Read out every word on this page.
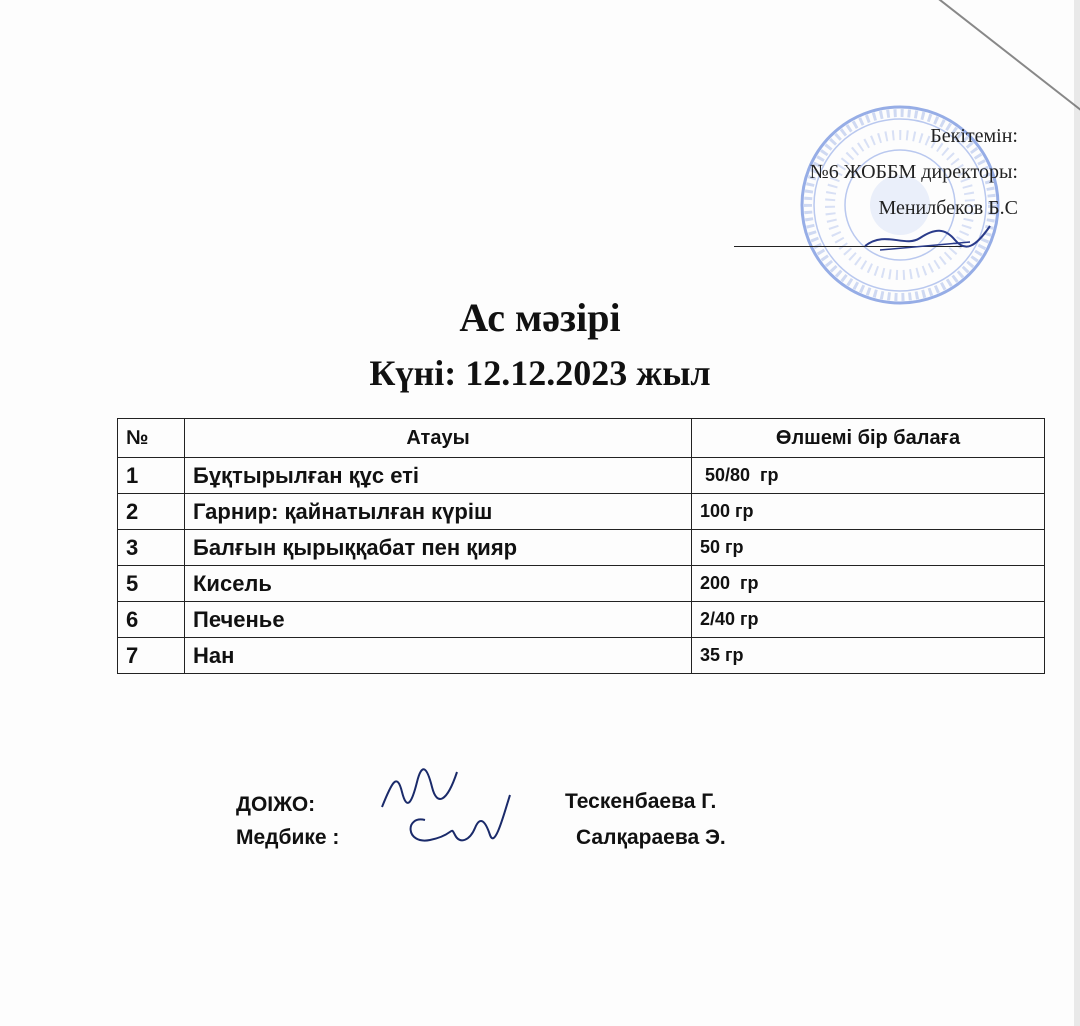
Бекітемін:
№6 ЖОББМ директоры:
Менилбеков Б.С
Ас мәзірі
Күні: 12.12.2023 жыл
№	Атауы	Өлшемі бір балаға
1	Бұқтырылған құс еті	50/80  гр
2	Гарнир: қайнатылған күріш	100 гр
3	Балғын қырыққабат пен қияр	50 гр
5	Кисель	200  гр
6	Печенье	2/40 гр
7	Нан	35 гр
ДОІЖО:	Тескенбаева Г.
Медбике :	Салқараева Э.
